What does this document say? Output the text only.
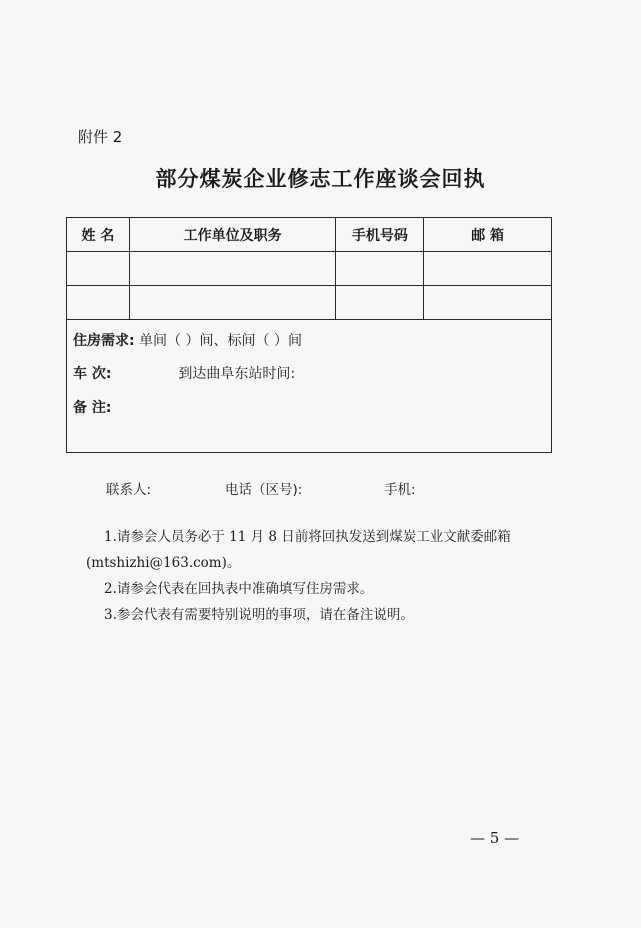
附件 2
部分煤炭企业修志工作座谈会回执
姓 名	工作单位及职务	手机号码	邮 箱

住房需求: 单间（ ）间、标间（ ）间
车 次: 到达曲阜东站时间:
备 注:			
联系人:	电话（区号):	手机:
1.请参会人员务必于 11 月 8 日前将回执发送到煤炭工业文献委邮箱
(mtshizhi@163.com)。
2.请参会代表在回执表中准确填写住房需求。
3.参会代表有需要特别说明的事项，请在备注说明。
— 5 —
